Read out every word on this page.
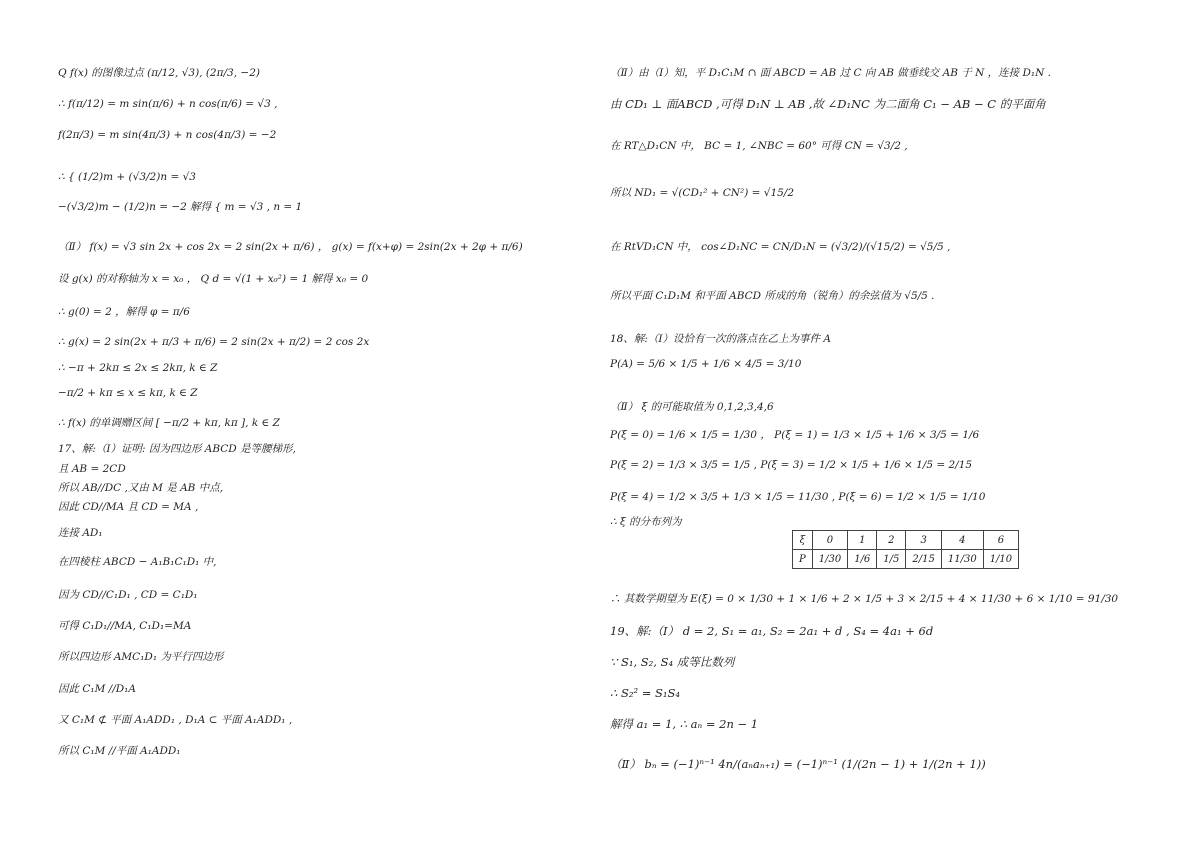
Q f(x) 的图像过点 (π/12, √3), (2π/3, −2)
∴ f(π/12) = m sin(π/6) + n cos(π/6) = √3 ,
f(2π/3) = m sin(4π/3) + n cos(4π/3) = −2
∴ { (1/2)m + (√3/2)n = √3
−(√3/2)m − (1/2)n = −2 解得 { m = √3 , n = 1
（Ⅱ） f(x) = √3 sin 2x + cos 2x = 2 sin(2x + π/6) ， g(x) = f(x+φ) = 2sin(2x + 2φ + π/6)
设 g(x) 的对称轴为 x = x₀ ， Q d = √(1 + x₀²) = 1 解得 x₀ = 0
∴ g(0) = 2 ，解得 φ = π/6
∴ g(x) = 2 sin(2x + π/3 + π/6) = 2 sin(2x + π/2) = 2 cos 2x
∴ −π + 2kπ ≤ 2x ≤ 2kπ, k ∈ Z
−π/2 + kπ ≤ x ≤ kπ, k ∈ Z
∴ f(x) 的单调赠区间 [ −π/2 + kπ, kπ ], k ∈ Z
17、解:（Ⅰ）证明: 因为四边形 ABCD 是等腰梯形,
且 AB = 2CD
所以 AB//DC ,又由 M 是 AB 中点,
因此 CD//MA 且 CD = MA ,
连接 AD₁
在四棱柱 ABCD − A₁B₁C₁D₁ 中,
因为 CD//C₁D₁ , CD = C₁D₁
可得 C₁D₁//MA, C₁D₁=MA
所以四边形 AMC₁D₁ 为平行四边形
因此 C₁M //D₁A
又 C₁M ⊄ 平面 A₁ADD₁ , D₁A ⊂ 平面 A₁ADD₁ ,
所以 C₁M //平面 A₁ADD₁
（Ⅱ）由（Ⅰ）知，平 D₁C₁M ∩ 面 ABCD = AB 过 C 向 AB 做垂线交 AB 于 N ，连接 D₁N .
由 CD₁ ⊥ 面ABCD ,可得 D₁N ⊥ AB ,故 ∠D₁NC 为二面角 C₁ − AB − C 的平面角
在 RT△D₁CN 中， BC = 1, ∠NBC = 60° 可得 CN = √3/2 ,
所以 ND₁ = √(CD₁² + CN²) = √15/2
在 RtVD₁CN 中， cos∠D₁NC = CN/D₁N = (√3/2)/(√15/2) = √5/5 ,
所以平面 C₁D₁M 和平面 ABCD 所成的角（锐角）的余弦值为 √5/5 .
18、解:（Ⅰ）设恰有一次的落点在乙上为事件 A
P(A) = 5/6 × 1/5 + 1/6 × 4/5 = 3/10
（Ⅱ） ξ 的可能取值为 0,1,2,3,4,6
P(ξ = 0) = 1/6 × 1/5 = 1/30 ， P(ξ = 1) = 1/3 × 1/5 + 1/6 × 3/5 = 1/6
P(ξ = 2) = 1/3 × 3/5 = 1/5 , P(ξ = 3) = 1/2 × 1/5 + 1/6 × 1/5 = 2/15
P(ξ = 4) = 1/2 × 3/5 + 1/3 × 1/5 = 11/30 , P(ξ = 6) = 1/2 × 1/5 = 1/10
∴ ξ 的分布列为
ξ	0	1	2	3	4	6
P	1/30	1/6	1/5	2/15	11/30	1/10
∴ 其数学期望为 E(ξ) = 0 × 1/30 + 1 × 1/6 + 2 × 1/5 + 3 × 2/15 + 4 × 11/30 + 6 × 1/10 = 91/30
19、解:（Ⅰ） d = 2, S₁ = a₁, S₂ = 2a₁ + d , S₄ = 4a₁ + 6d
∵ S₁, S₂, S₄ 成等比数列
∴ S₂² = S₁S₄
解得 a₁ = 1, ∴ aₙ = 2n − 1
（Ⅱ） bₙ = (−1)ⁿ⁻¹ 4n/(aₙaₙ₊₁) = (−1)ⁿ⁻¹ (1/(2n − 1) + 1/(2n + 1))
